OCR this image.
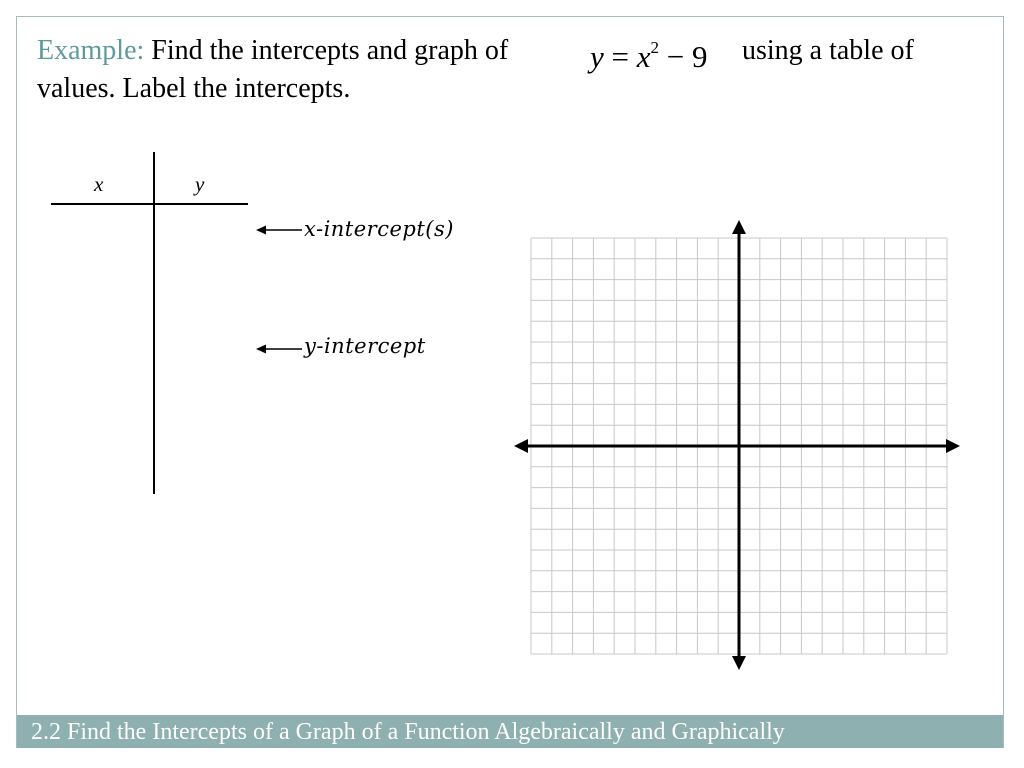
Example: Find the intercepts and graph of	$y = x^2 - 9$ using a table of
values. Label the intercepts.
x	y
x-intercept(s)
y-intercept
2.2 Find the Intercepts of a Graph of a Function Algebraically and Graphically
